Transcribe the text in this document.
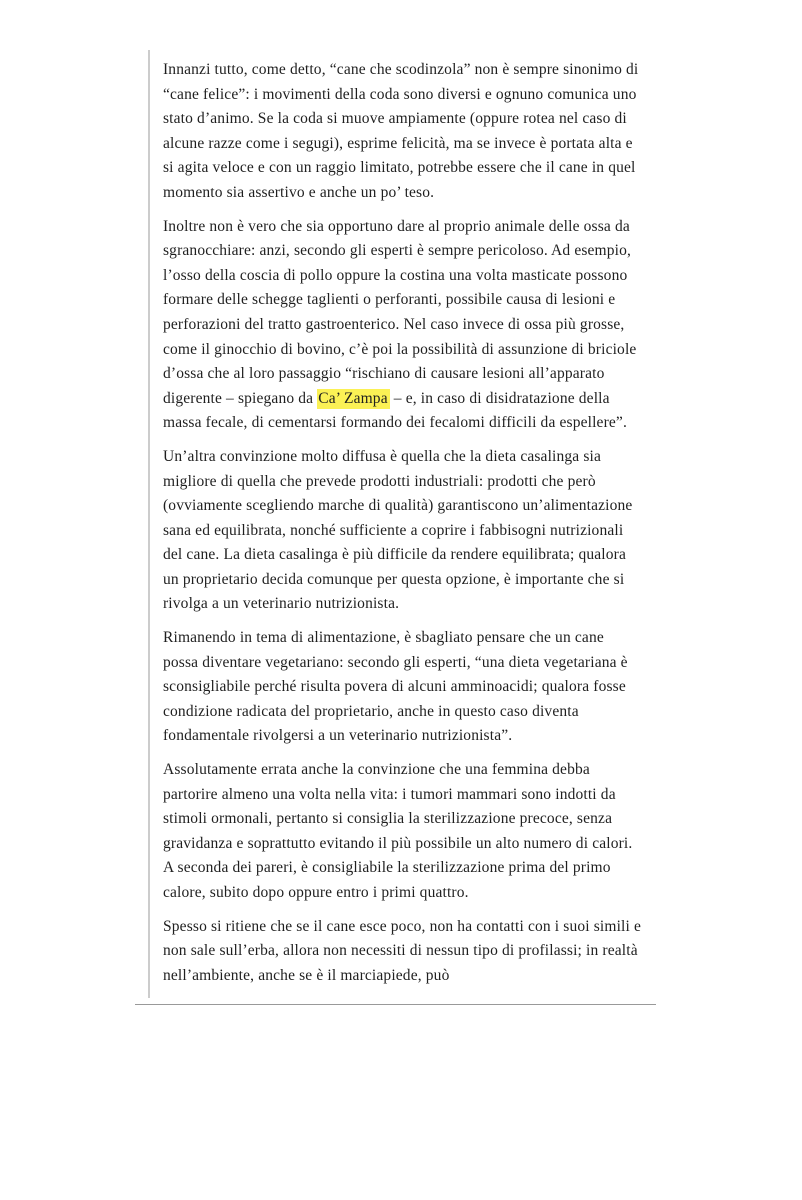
Innanzi tutto, come detto, “cane che scodinzola” non è sempre sinonimo di “cane felice”: i movimenti della coda sono diversi e ognuno comunica uno stato d’animo. Se la coda si muove ampiamente (oppure rotea nel caso di alcune razze come i segugi), esprime felicità, ma se invece è portata alta e si agita veloce e con un raggio limitato, potrebbe essere che il cane in quel momento sia assertivo e anche un po’ teso.

Inoltre non è vero che sia opportuno dare al proprio animale delle ossa da sgranocchiare: anzi, secondo gli esperti è sempre pericoloso. Ad esempio, l’osso della coscia di pollo oppure la costina una volta masticate possono formare delle schegge taglienti o perforanti, possibile causa di lesioni e perforazioni del tratto gastroenterico. Nel caso invece di ossa più grosse, come il ginocchio di bovino, c’è poi la possibilità di assunzione di briciole d’ossa che al loro passaggio “rischiano di causare lesioni all’apparato digerente – spiegano da Ca’ Zampa – e, in caso di disidratazione della massa fecale, di cementarsi formando dei fecalomi difficili da espellere”.

Un’altra convinzione molto diffusa è quella che la dieta casalinga sia migliore di quella che prevede prodotti industriali: prodotti che però (ovviamente scegliendo marche di qualità) garantiscono un’alimentazione sana ed equilibrata, nonché sufficiente a coprire i fabbisogni nutrizionali del cane. La dieta casalinga è più difficile da rendere equilibrata; qualora un proprietario decida comunque per questa opzione, è importante che si rivolga a un veterinario nutrizionista.

Rimanendo in tema di alimentazione, è sbagliato pensare che un cane possa diventare vegetariano: secondo gli esperti, “una dieta vegetariana è sconsigliabile perché risulta povera di alcuni amminoacidi; qualora fosse condizione radicata del proprietario, anche in questo caso diventa fondamentale rivolgersi a un veterinario nutrizionista”.

Assolutamente errata anche la convinzione che una femmina debba partorire almeno una volta nella vita: i tumori mammari sono indotti da stimoli ormonali, pertanto si consiglia la sterilizzazione precoce, senza gravidanza e soprattutto evitando il più possibile un alto numero di calori. A seconda dei pareri, è consigliabile la sterilizzazione prima del primo calore, subito dopo oppure entro i primi quattro.

Spesso si ritiene che se il cane esce poco, non ha contatti con i suoi simili e non sale sull’erba, allora non necessiti di nessun tipo di profilassi; in realtà nell’ambiente, anche se è il marciapiede, può
